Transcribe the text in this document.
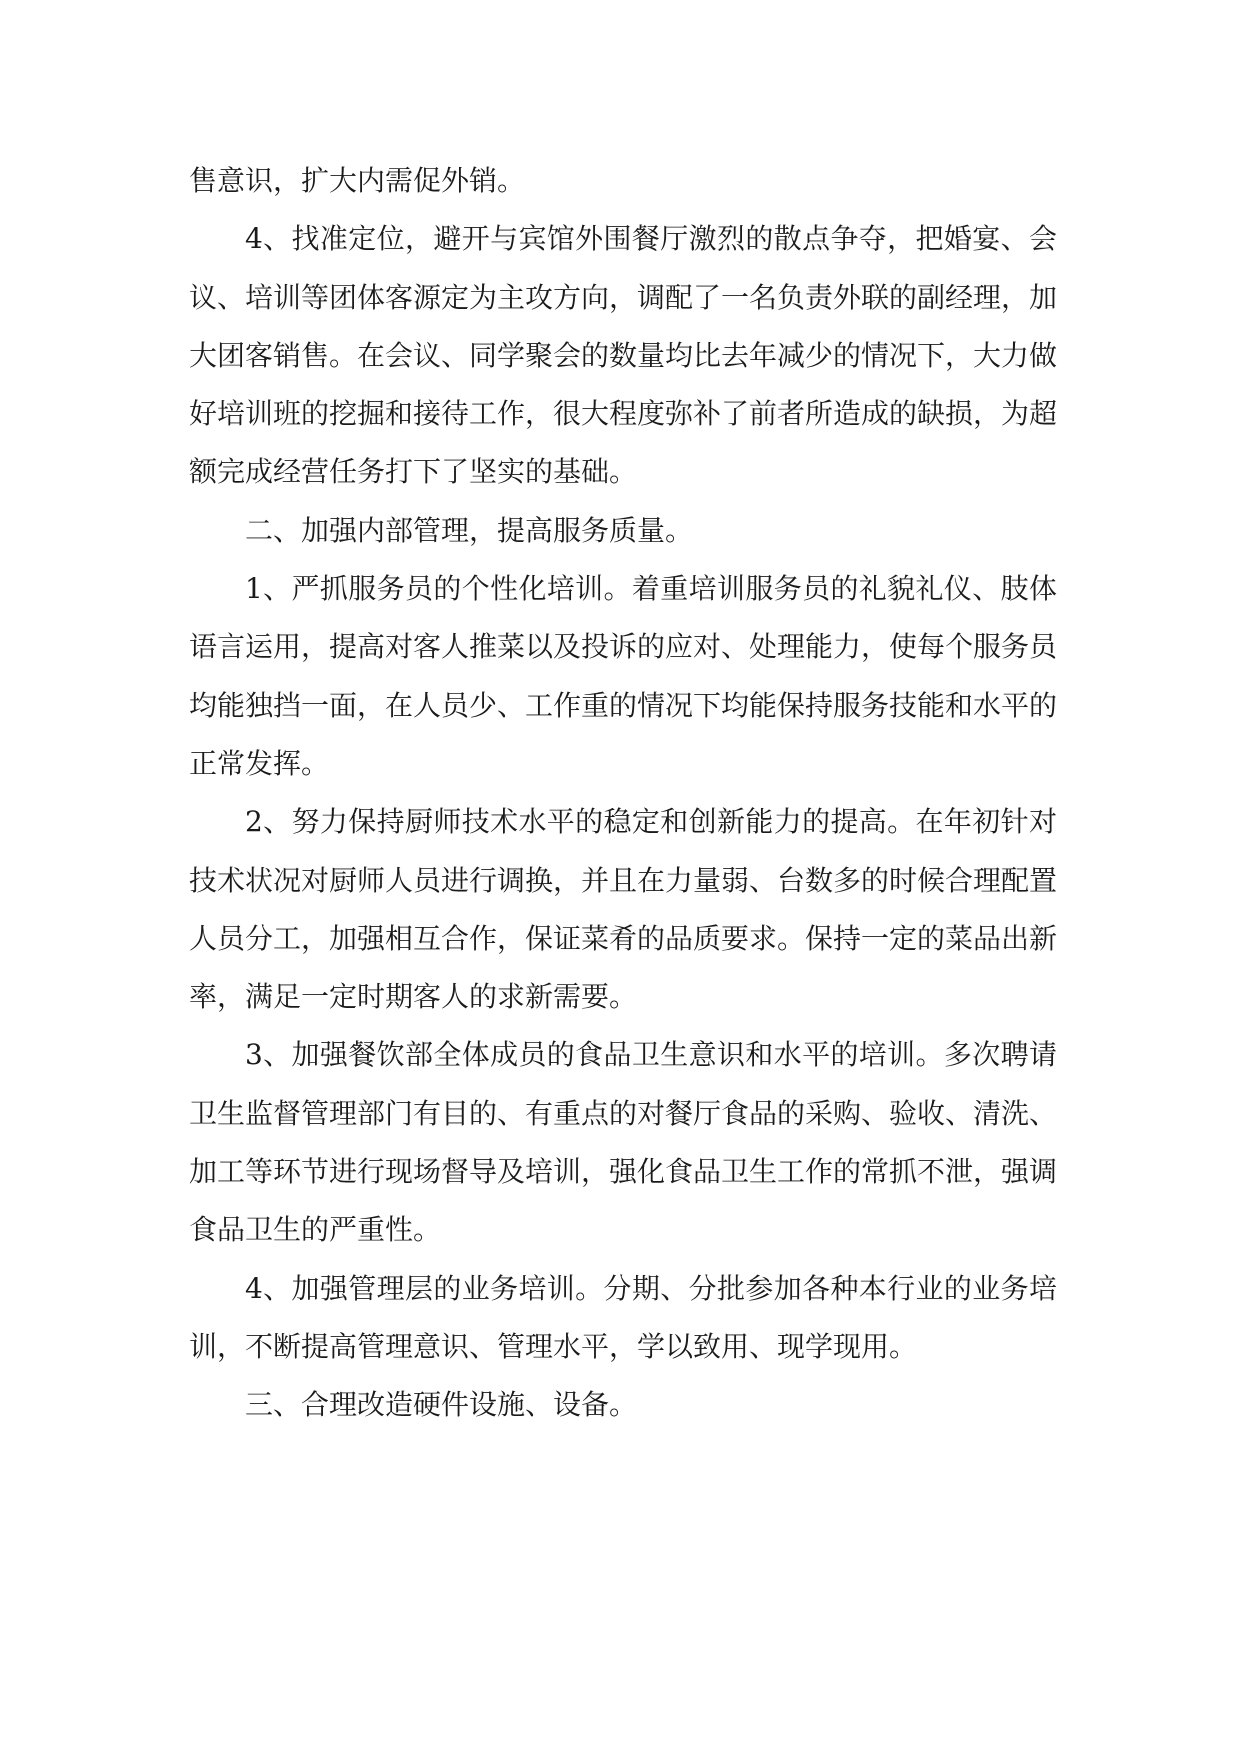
售意识，扩大内需促外销。

4、找准定位，避开与宾馆外围餐厅激烈的散点争夺，把婚宴、会议、培训等团体客源定为主攻方向，调配了一名负责外联的副经理，加大团客销售。在会议、同学聚会的数量均比去年减少的情况下，大力做好培训班的挖掘和接待工作，很大程度弥补了前者所造成的缺损，为超额完成经营任务打下了坚实的基础。

二、加强内部管理，提高服务质量。

1、严抓服务员的个性化培训。着重培训服务员的礼貌礼仪、肢体语言运用，提高对客人推菜以及投诉的应对、处理能力，使每个服务员均能独挡一面，在人员少、工作重的情况下均能保持服务技能和水平的正常发挥。

2、努力保持厨师技术水平的稳定和创新能力的提高。在年初针对技术状况对厨师人员进行调换，并且在力量弱、台数多的时候合理配置人员分工，加强相互合作，保证菜肴的品质要求。保持一定的菜品出新率，满足一定时期客人的求新需要。

3、加强餐饮部全体成员的食品卫生意识和水平的培训。多次聘请卫生监督管理部门有目的、有重点的对餐厅食品的采购、验收、清洗、加工等环节进行现场督导及培训，强化食品卫生工作的常抓不泄，强调食品卫生的严重性。

4、加强管理层的业务培训。分期、分批参加各种本行业的业务培训，不断提高管理意识、管理水平，学以致用、现学现用。

三、合理改造硬件设施、设备。
